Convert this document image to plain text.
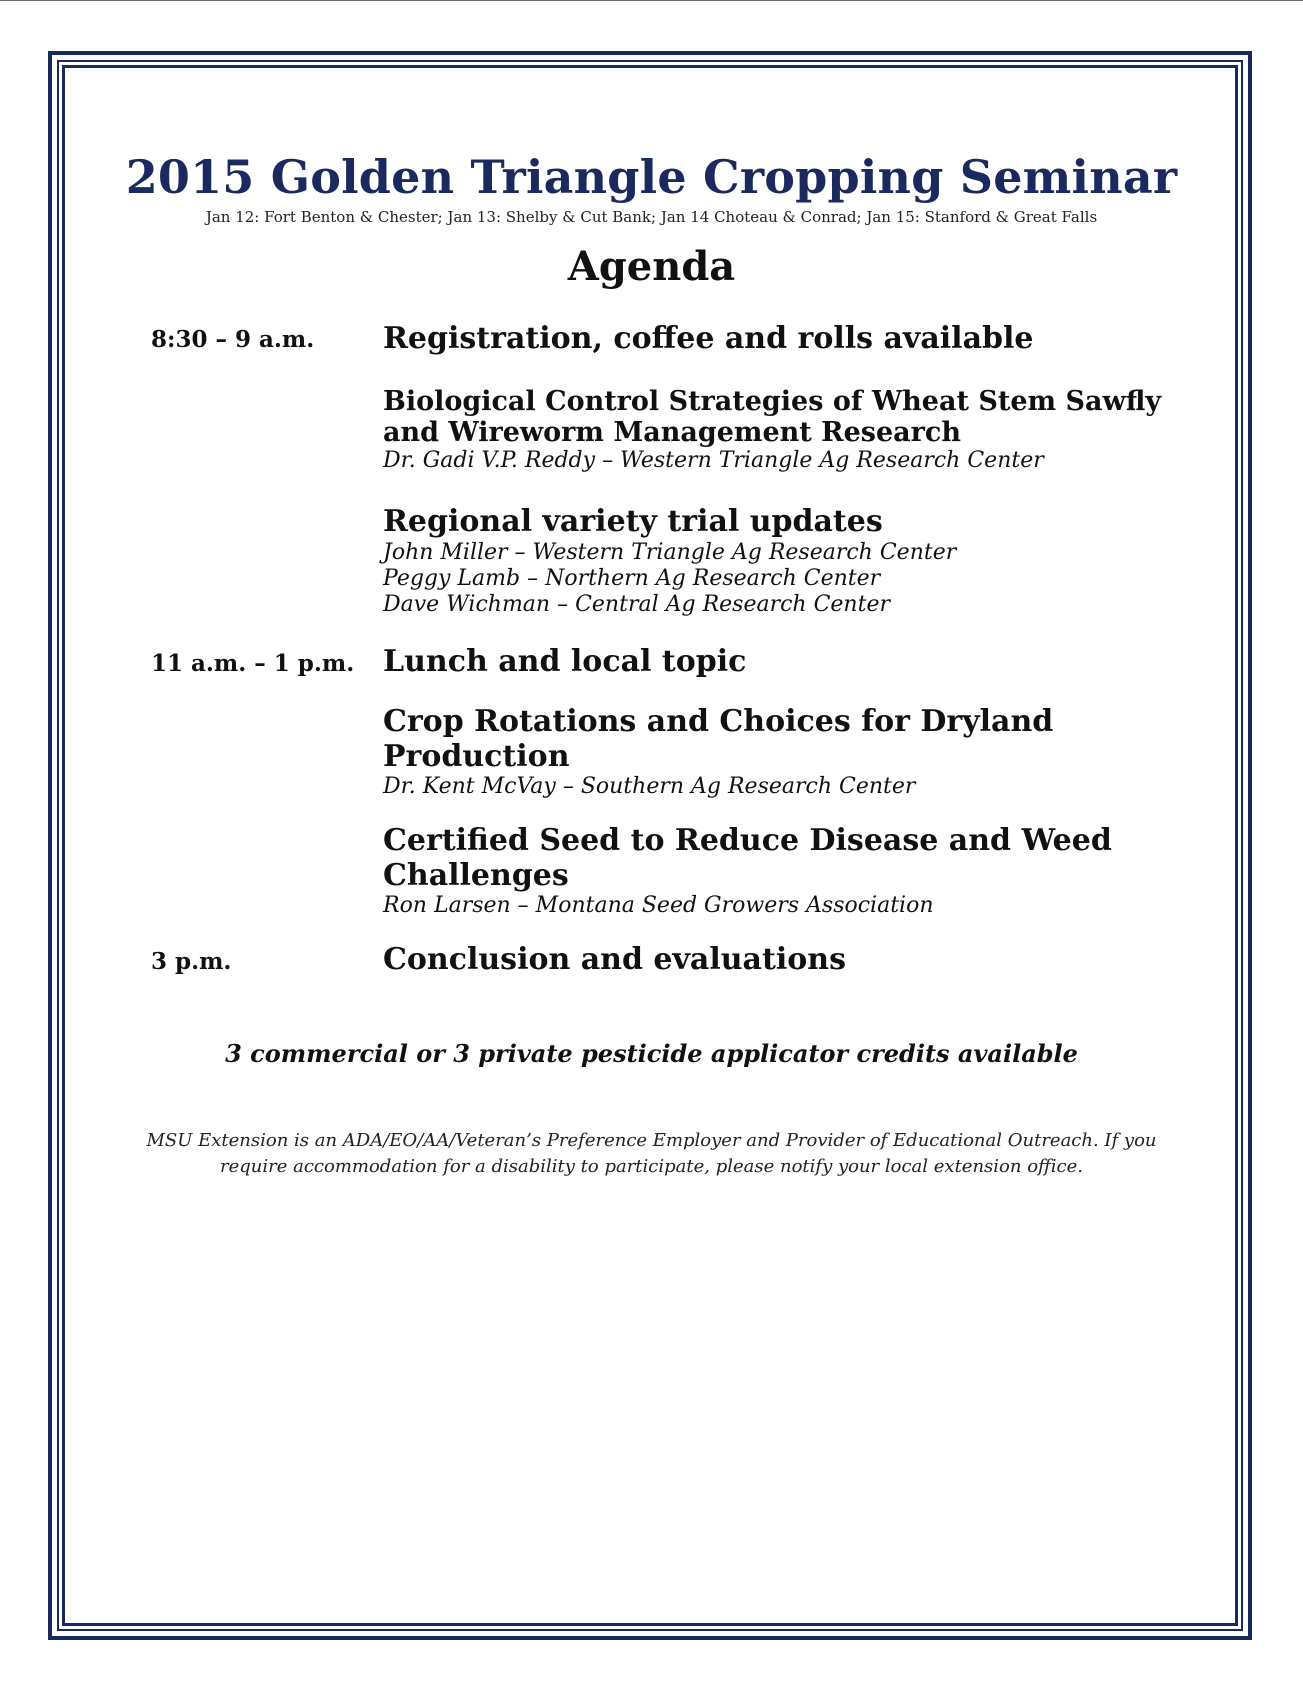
2015 Golden Triangle Cropping Seminar
Jan 12: Fort Benton & Chester; Jan 13: Shelby & Cut Bank; Jan 14 Choteau & Conrad; Jan 15: Stanford & Great Falls
Agenda
8:30 – 9 a.m. Registration, coffee and rolls available

Biological Control Strategies of Wheat Stem Sawfly and Wireworm Management Research

Dr. Gadi V.P. Reddy – Western Triangle Ag Research Center

Regional variety trial updates

John Miller – Western Triangle Ag Research Center

Peggy Lamb – Northern Ag Research Center

Dave Wichman – Central Ag Research Center

11 a.m. – 1 p.m. Lunch and local topic

Crop Rotations and Choices for Dryland Production

Dr. Kent McVay – Southern Ag Research Center

Certified Seed to Reduce Disease and Weed Challenges

Ron Larsen – Montana Seed Growers Association

3 p.m.	Conclusion and evaluations

3 commercial or 3 private pesticide applicator credits available
MSU Extension is an ADA/EO/AA/Veteran’s Preference Employer and Provider of Educational Outreach. If you
require accommodation for a disability to participate, please notify your local extension office.
